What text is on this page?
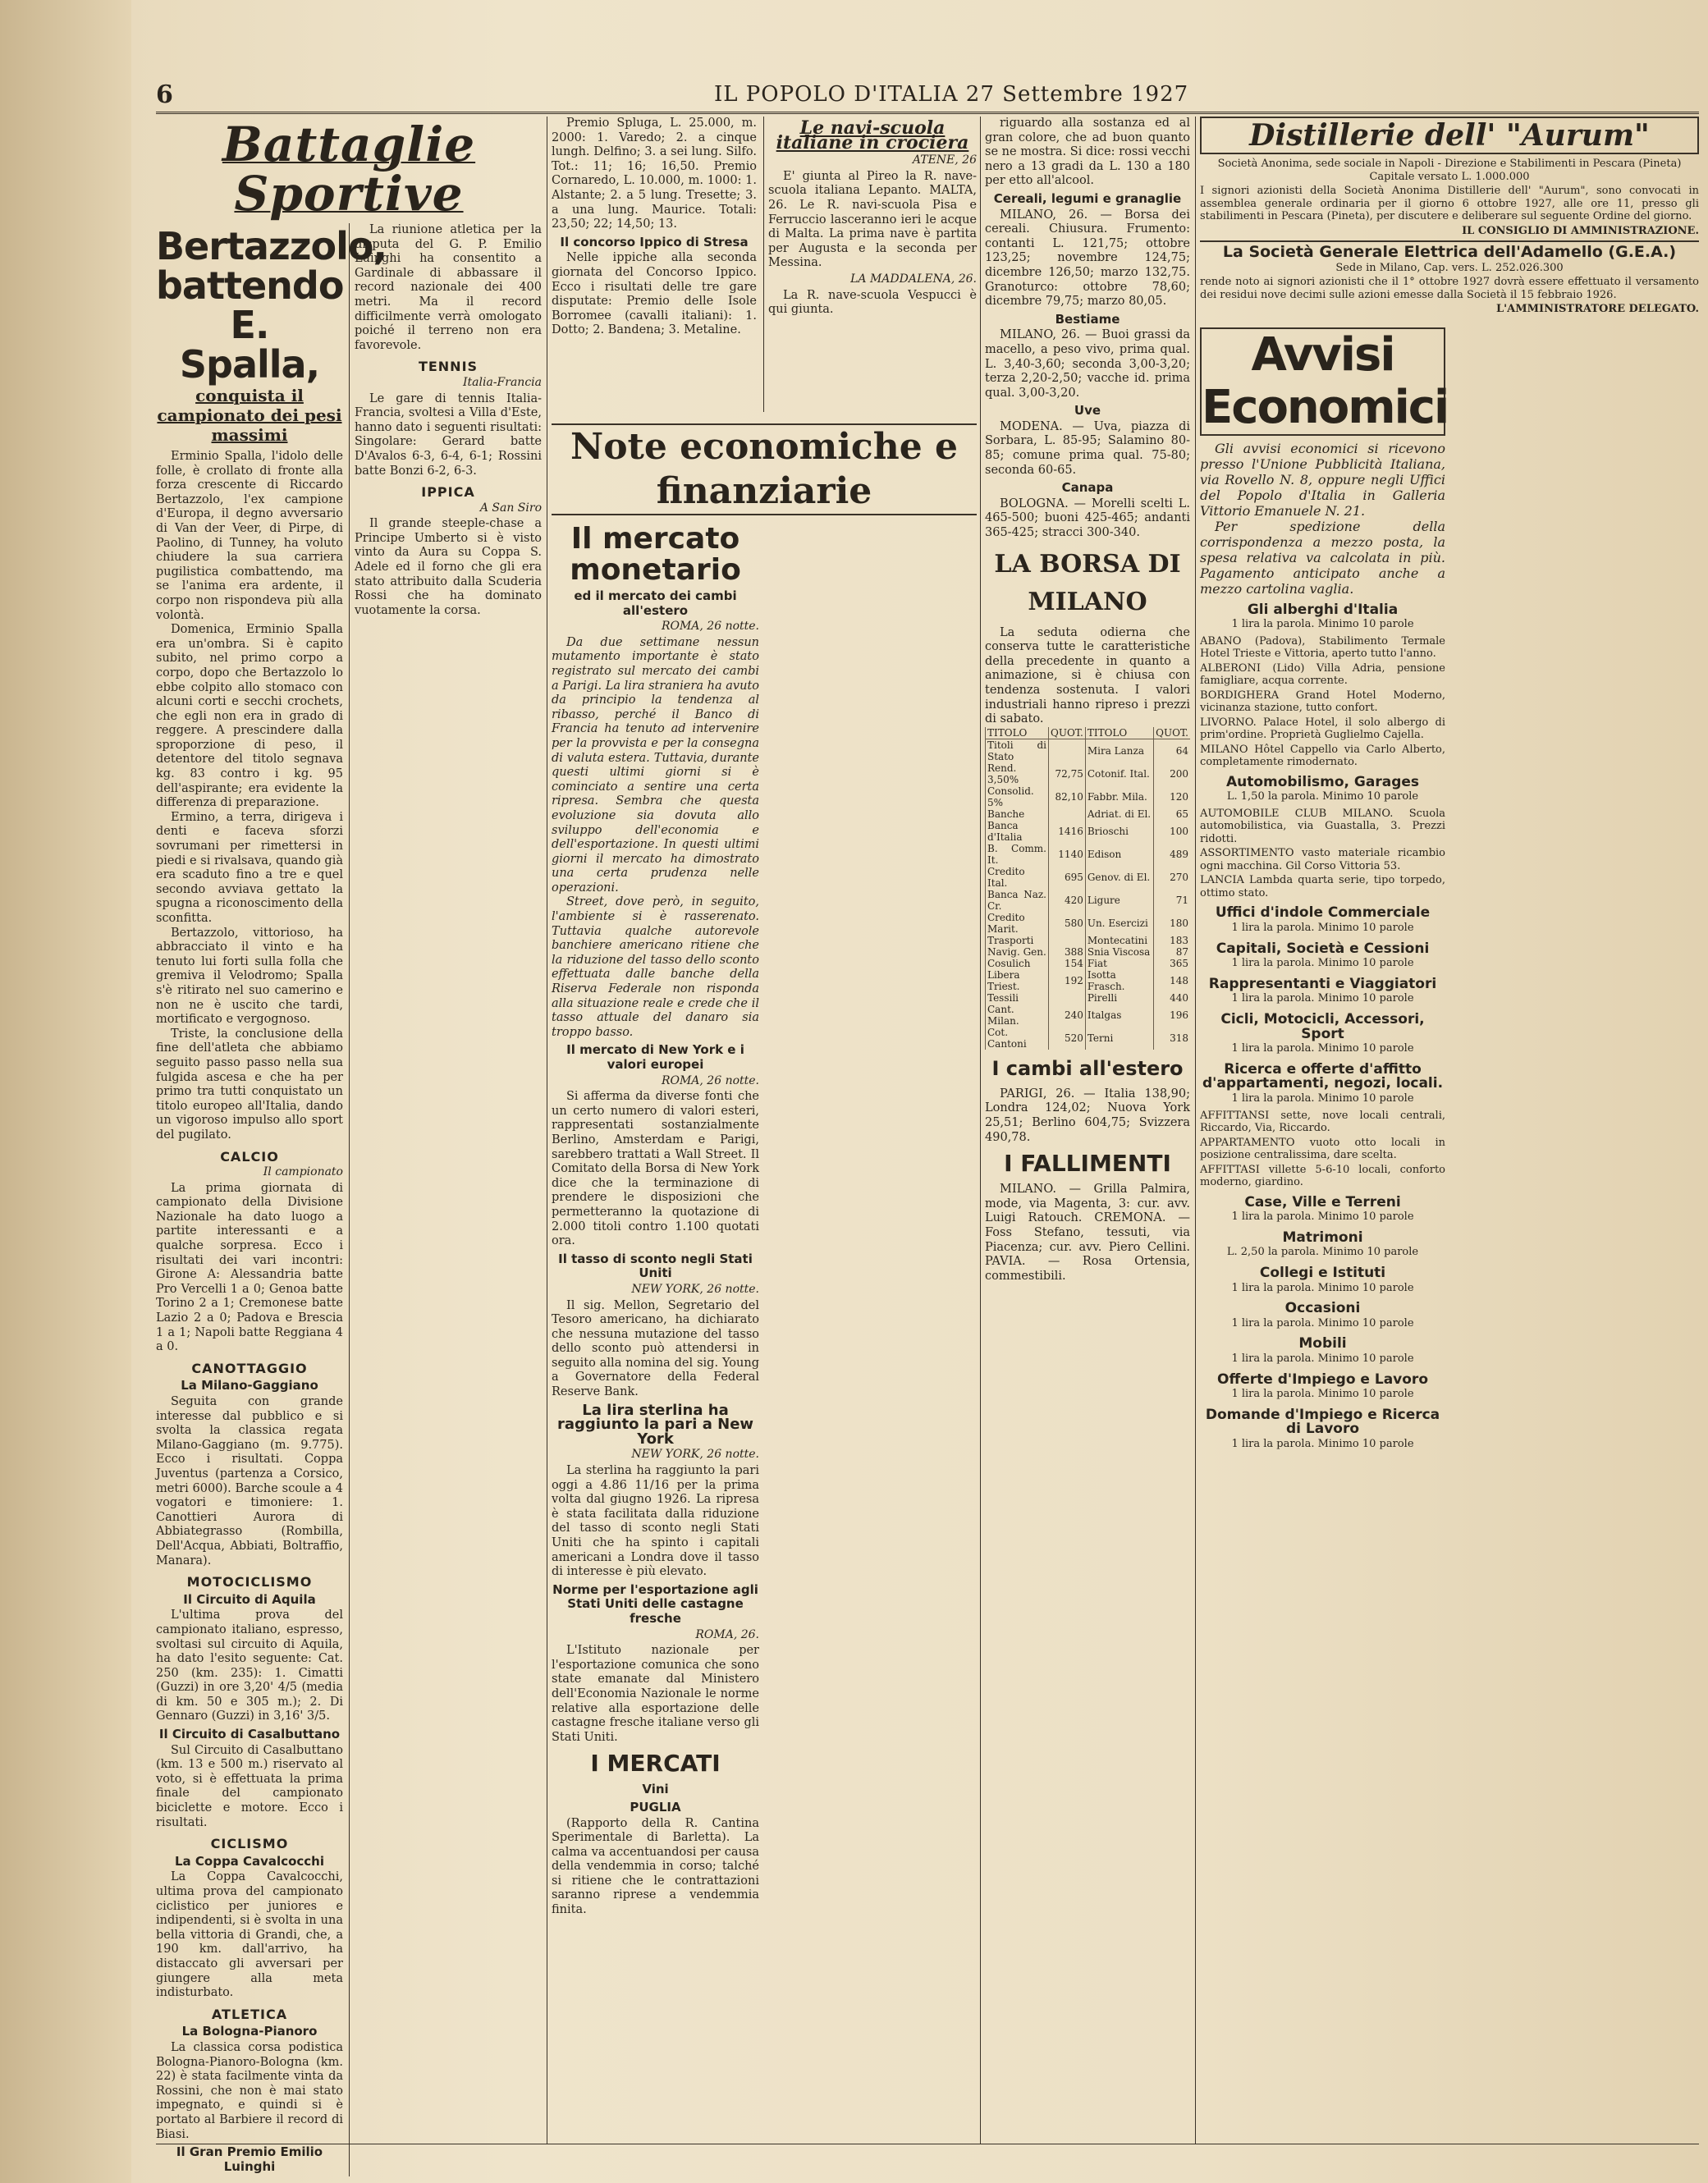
6	IL POPOLO D'ITALIA 27 Settembre 1927
Battaglie Sportive
Bertazzolo, battendo E. Spalla,
conquista il campionato dei pesi massimi

Erminio Spalla, l'idolo delle folle, è crollato di fronte alla forza crescente di Riccardo Bertazzolo, l'ex campione d'Europa, il degno avversario di Van der Veer, di Pirpe, di Paolino, di Tunney, ha voluto chiudere la sua carriera pugilistica combattendo, ma se l'anima era ardente, il corpo non rispondeva più alla volontà.

Domenica, Erminio Spalla era un'ombra. Si è capito subito, nel primo corpo a corpo, dopo che Bertazzolo lo ebbe colpito allo stomaco con alcuni corti e secchi crochets, che egli non era in grado di reggere. A prescindere dalla sproporzione di peso, il detentore del titolo segnava kg. 83 contro i kg. 95 dell'aspirante; era evidente la differenza di preparazione.

Ermino, a terra, dirigeva i denti e faceva sforzi sovrumani per rimettersi in piedi e si rivalsava, quando già era scaduto fino a tre e quel secondo avviava gettato la spugna a riconoscimento della sconfitta.

Bertazzolo, vittorioso, ha abbracciato il vinto e ha tenuto lui forti sulla folla che gremiva il Velodromo; Spalla s'è ritirato nel suo camerino e non ne è uscito che tardi, mortificato e vergognoso.

Triste, la conclusione della fine dell'atleta che abbiamo seguito passo passo nella sua fulgida ascesa e che ha per primo tra tutti conquistato un titolo europeo all'Italia, dando un vigoroso impulso allo sport del pugilato.

CALCIO
Il campionato

La prima giornata di campionato della Divisione Nazionale ha dato luogo a partite interessanti e a qualche sorpresa. Ecco i risultati dei vari incontri: Girone A: Alessandria batte Pro Vercelli 1 a 0; Genoa batte Torino 2 a 1; Cremonese batte Lazio 2 a 0; Padova e Brescia 1 a 1; Napoli batte Reggiana 4 a 0.

CANOTTAGGIO
La Milano-Gaggiano

Seguita con grande interesse dal pubblico e si svolta la classica regata Milano-Gaggiano (m. 9.775). Ecco i risultati. Coppa Juventus (partenza a Corsico, metri 6000). Barche scoule a 4 vogatori e timoniere: 1. Canottieri Aurora di Abbiategrasso (Rombilla, Dell'Acqua, Abbiati, Boltraffio, Manara).

MOTOCICLISMO
Il Circuito di Aquila

L'ultima prova del campionato italiano, espresso, svoltasi sul circuito di Aquila, ha dato l'esito seguente: Cat. 250 (km. 235): 1. Cimatti (Guzzi) in ore 3,20' 4/5 (media di km. 50 e 305 m.); 2. Di Gennaro (Guzzi) in 3,16' 3/5.

Il Circuito di Casalbuttano

Sul Circuito di Casalbuttano (km. 13 e 500 m.) riservato al voto, si è effettuata la prima finale del campionato biciclette e motore. Ecco i risultati.

CICLISMO
La Coppa Cavalcocchi

La Coppa Cavalcocchi, ultima prova del campionato ciclistico per juniores e indipendenti, si è svolta in una bella vittoria di Grandi, che, a 190 km. dall'arrivo, ha distaccato gli avversari per giungere alla meta indisturbato.

ATLETICA
La Bologna-Pianoro

La classica corsa podistica Bologna-Pianoro-Bologna (km. 22) è stata facilmente vinta da Rossini, che non è mai stato impegnato, e quindi si è portato al Barbiere il record di Biasi.

Il Gran Premio Emilio Luinghi

La riunione atletica per la disputa del G. P. Emilio Luinghi ha consentito a Gardinale di abbassare il record nazionale dei 400 metri. Ma il record difficilmente verrà omologato poiché il terreno non era favorevole.

TENNIS
Italia-Francia

Le gare di tennis Italia-Francia, svoltesi a Villa d'Este, hanno dato i seguenti risultati: Singolare: Gerard batte D'Avalos 6-3, 6-4, 6-1; Rossini batte Bonzi 6-2, 6-3.

IPPICA
A San Siro

Il grande steeple-chase a Principe Umberto si è visto vinto da Aura su Coppa S. Adele ed il forno che gli era stato attribuito dalla Scuderia Rossi che ha dominato vuotamente la corsa.

Premio Spluga, L. 25.000, m. 2000: 1. Varedo; 2. a cinque lungh. Delfino; 3. a sei lung. Silfo. Tot.: 11; 16; 16,50. Premio Cornaredo, L. 10.000, m. 1000: 1. Alstante; 2. a 5 lung. Tresette; 3. a una lung. Maurice. Totali: 23,50; 22; 14,50; 13.

Il concorso Ippico di Stresa

Nelle ippiche alla seconda giornata del Concorso Ippico. Ecco i risultati delle tre gare disputate: Premio delle Isole Borromee (cavalli italiani): 1. Dotto; 2. Bandena; 3. Metaline.

Le navi-scuola italiane in crociera
ATENE, 26

E' giunta al Pireo la R. nave-scuola italiana Lepanto. MALTA, 26. Le R. navi-scuola Pisa e Ferruccio lasceranno ieri le acque di Malta. La prima nave è partita per Augusta e la seconda per Messina.

LA MADDALENA, 26.

La R. nave-scuola Vespucci è qui giunta.

Note economiche e finanziarie
Il mercato monetario
ed il mercato dei cambi all'estero
ROMA, 26 notte.

Da due settimane nessun mutamento importante è stato registrato sul mercato dei cambi a Parigi. La lira straniera ha avuto da principio la tendenza al ribasso, perché il Banco di Francia ha tenuto ad intervenire per la provvista e per la consegna di valuta estera. Tuttavia, durante questi ultimi giorni si è cominciato a sentire una certa ripresa. Sembra che questa evoluzione sia dovuta allo sviluppo dell'economia e dell'esportazione. In questi ultimi giorni il mercato ha dimostrato una certa prudenza nelle operazioni.

Street, dove però, in seguito, l'ambiente si è rasserenato. Tuttavia qualche autorevole banchiere americano ritiene che la riduzione del tasso dello sconto effettuata dalle banche della Riserva Federale non risponda alla situazione reale e crede che il tasso attuale del danaro sia troppo basso.

Il mercato di New York e i valori europei
ROMA, 26 notte.

Si afferma da diverse fonti che un certo numero di valori esteri, rappresentati sostanzialmente Berlino, Amsterdam e Parigi, sarebbero trattati a Wall Street. Il Comitato della Borsa di New York dice che la terminazione di prendere le disposizioni che permetteranno la quotazione di 2.000 titoli contro 1.100 quotati ora.

Il tasso di sconto negli Stati Uniti
NEW YORK, 26 notte.

Il sig. Mellon, Segretario del Tesoro americano, ha dichiarato che nessuna mutazione del tasso dello sconto può attendersi in seguito alla nomina del sig. Young a Governatore della Federal Reserve Bank.

La lira sterlina ha raggiunto la pari a New York
NEW YORK, 26 notte.

La sterlina ha raggiunto la pari oggi a 4.86 11/16 per la prima volta dal giugno 1926. La ripresa è stata facilitata dalla riduzione del tasso di sconto negli Stati Uniti che ha spinto i capitali americani a Londra dove il tasso di interesse è più elevato.

Norme per l'esportazione agli Stati Uniti delle castagne fresche
ROMA, 26.

L'Istituto nazionale per l'esportazione comunica che sono state emanate dal Ministero dell'Economia Nazionale le norme relative alla esportazione delle castagne fresche italiane verso gli Stati Uniti.

I MERCATI
Vini
PUGLIA

(Rapporto della R. Cantina Sperimentale di Barletta). La calma va accentuandosi per causa della vendemmia in corso; talché si ritiene che le contrattazioni saranno riprese a vendemmia finita.

riguardo alla sostanza ed al gran colore, che ad buon quanto se ne mostra. Si dice: rossi vecchi nero a 13 gradi da L. 130 a 180 per etto all'alcool.

Cereali, legumi e granaglie

MILANO, 26. — Borsa dei cereali. Chiusura. Frumento: contanti L. 121,75; ottobre 123,25; novembre 124,75; dicembre 126,50; marzo 132,75. Granoturco: ottobre 78,60; dicembre 79,75; marzo 80,05.

Bestiame

MILANO, 26. — Buoi grassi da macello, a peso vivo, prima qual. L. 3,40-3,60; seconda 3,00-3,20; terza 2,20-2,50; vacche id. prima qual. 3,00-3,20.

Uve

MODENA. — Uva, piazza di Sorbara, L. 85-95; Salamino 80-85; comune prima qual. 75-80; seconda 60-65.

Canapa

BOLOGNA. — Morelli scelti L. 465-500; buoni 425-465; andanti 365-425; stracci 300-340.

LA BORSA DI MILANO

La seduta odierna che conserva tutte le caratteristiche della precedente in quanto a animazione, si è chiusa con tendenza sostenuta. I valori industriali hanno ripreso i prezzi di sabato.

TITOLO	QUOT.	TITOLO	QUOT.
Titoli di Stato		Mira Lanza	64
Rend. 3,50%	72,75	Cotonif. Ital.	200
Consolid. 5%	82,10	Fabbr. Mila.	120
Banche		Adriat. di El.	65
Banca d'Italia	1416	Brioschi	100
B. Comm. It.	1140	Edison	489
Credito Ital.	695	Genov. di El.	270
Banca Naz. Cr.	420	Ligure	71
Credito Marit.	580	Un. Esercizi	180
Trasporti		Montecatini	183
Navig. Gen.	388	Snia Viscosa	87
Cosulich	154	Fiat	365
Libera Triest.	192	Isotta Frasch.	148
Tessili		Pirelli	440
Cant. Milan.	240	Italgas	196
Cot. Cantoni	520	Terni	318
I cambi all'estero

PARIGI, 26. — Italia 138,90; Londra 124,02; Nuova York 25,51; Berlino 604,75; Svizzera 490,78.

I FALLIMENTI

MILANO. — Grilla Palmira, mode, via Magenta, 3: cur. avv. Luigi Ratouch. CREMONA. — Foss Stefano, tessuti, via Piacenza; cur. avv. Piero Cellini. PAVIA. — Rosa Ortensia, commestibili.

Distillerie dell' "Aurum"
Società Anonima, sede sociale in Napoli - Direzione e Stabilimenti in Pescara (Pineta) Capitale versato L. 1.000.000
I signori azionisti della Società Anonima Distillerie dell' "Aurum", sono convocati in assemblea generale ordinaria per il giorno 6 ottobre 1927, alle ore 11, presso gli stabilimenti in Pescara (Pineta), per discutere e deliberare sul seguente Ordine del giorno.
IL CONSIGLIO DI AMMINISTRAZIONE.
La Società Generale Elettrica dell'Adamello (G.E.A.)
Sede in Milano, Cap. vers. L. 252.026.300
rende noto ai signori azionisti che il 1° ottobre 1927 dovrà essere effettuato il versamento dei residui nove decimi sulle azioni emesse dalla Società il 15 febbraio 1926.
L'AMMINISTRATORE DELEGATO.
Avvisi Economici

Gli avvisi economici si ricevono presso l'Unione Pubblicità Italiana, via Rovello N. 8, oppure negli Uffici del Popolo d'Italia in Galleria Vittorio Emanuele N. 21.

Per spedizione della corrispondenza a mezzo posta, la spesa relativa va calcolata in più. Pagamento anticipato anche a mezzo cartolina vaglia.

Gli alberghi d'Italia
1 lira la parola. Minimo 10 parole
ABANO (Padova), Stabilimento Termale Hotel Trieste e Vittoria, aperto tutto l'anno.
ALBERONI (Lido) Villa Adria, pensione famigliare, acqua corrente.
BORDIGHERA Grand Hotel Moderno, vicinanza stazione, tutto confort.
LIVORNO. Palace Hotel, il solo albergo di prim'ordine. Proprietà Guglielmo Cajella.
MILANO Hôtel Cappello via Carlo Alberto, completamente rimodernato.
Automobilismo, Garages
L. 1,50 la parola. Minimo 10 parole
AUTOMOBILE CLUB MILANO. Scuola automobilistica, via Guastalla, 3. Prezzi ridotti.
ASSORTIMENTO vasto materiale ricambio ogni macchina. Gil Corso Vittoria 53.
LANCIA Lambda quarta serie, tipo torpedo, ottimo stato.
Uffici d'indole Commerciale
1 lira la parola. Minimo 10 parole
Capitali, Società e Cessioni
1 lira la parola. Minimo 10 parole
Rappresentanti e Viaggiatori
1 lira la parola. Minimo 10 parole
Cicli, Motocicli, Accessori, Sport
1 lira la parola. Minimo 10 parole
Ricerca e offerte d'affitto d'appartamenti, negozi, locali.
1 lira la parola. Minimo 10 parole
AFFITTANSI sette, nove locali centrali, Riccardo, Via, Riccardo.
APPARTAMENTO vuoto otto locali in posizione centralissima, dare scelta.
AFFITTASI villette 5-6-10 locali, conforto moderno, giardino.
Case, Ville e Terreni
1 lira la parola. Minimo 10 parole
Matrimoni
L. 2,50 la parola. Minimo 10 parole
Collegi e Istituti
1 lira la parola. Minimo 10 parole
Occasioni
1 lira la parola. Minimo 10 parole
Mobili
1 lira la parola. Minimo 10 parole
Offerte d'Impiego e Lavoro
1 lira la parola. Minimo 10 parole
Domande d'Impiego e Ricerca di Lavoro
1 lira la parola. Minimo 10 parole
